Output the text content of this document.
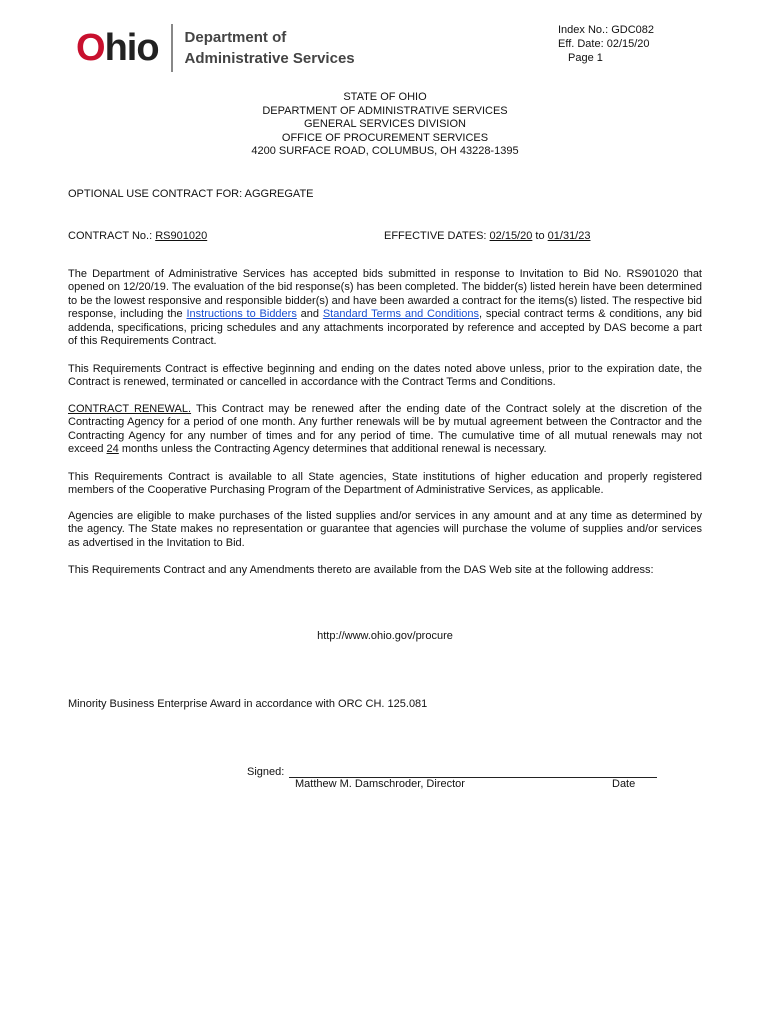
Ohio Department of
Administrative Services
Index No.: GDC082
Eff. Date: 02/15/20
Page 1
STATE OF OHIO
DEPARTMENT OF ADMINISTRATIVE SERVICES
GENERAL SERVICES DIVISION
OFFICE OF PROCUREMENT SERVICES
4200 SURFACE ROAD, COLUMBUS, OH 43228-1395
OPTIONAL USE CONTRACT FOR: AGGREGATE
CONTRACT No.: RS901020	EFFECTIVE DATES: 02/15/20 to 01/31/23
The Department of Administrative Services has accepted bids submitted in response to Invitation to Bid No. RS901020 that opened on 12/20/19. The evaluation of the bid response(s) has been completed. The bidder(s) listed herein have been determined to be the lowest responsive and responsible bidder(s) and have been awarded a contract for the items(s) listed. The respective bid response, including the Instructions to Bidders and Standard Terms and Conditions, special contract terms & conditions, any bid addenda, specifications, pricing schedules and any attachments incorporated by reference and accepted by DAS become a part of this Requirements Contract.
This Requirements Contract is effective beginning and ending on the dates noted above unless, prior to the expiration date, the Contract is renewed, terminated or cancelled in accordance with the Contract Terms and Conditions.
CONTRACT RENEWAL. This Contract may be renewed after the ending date of the Contract solely at the discretion of the Contracting Agency for a period of one month. Any further renewals will be by mutual agreement between the Contractor and the Contracting Agency for any number of times and for any period of time. The cumulative time of all mutual renewals may not exceed 24 months unless the Contracting Agency determines that additional renewal is necessary.
This Requirements Contract is available to all State agencies, State institutions of higher education and properly registered members of the Cooperative Purchasing Program of the Department of Administrative Services, as applicable.
Agencies are eligible to make purchases of the listed supplies and/or services in any amount and at any time as determined by the agency. The State makes no representation or guarantee that agencies will purchase the volume of supplies and/or services as advertised in the Invitation to Bid.
This Requirements Contract and any Amendments thereto are available from the DAS Web site at the following address:
http://www.ohio.gov/procure
Minority Business Enterprise Award in accordance with ORC CH. 125.081
Signed:
Matthew M. Damschroder, Director	Date
